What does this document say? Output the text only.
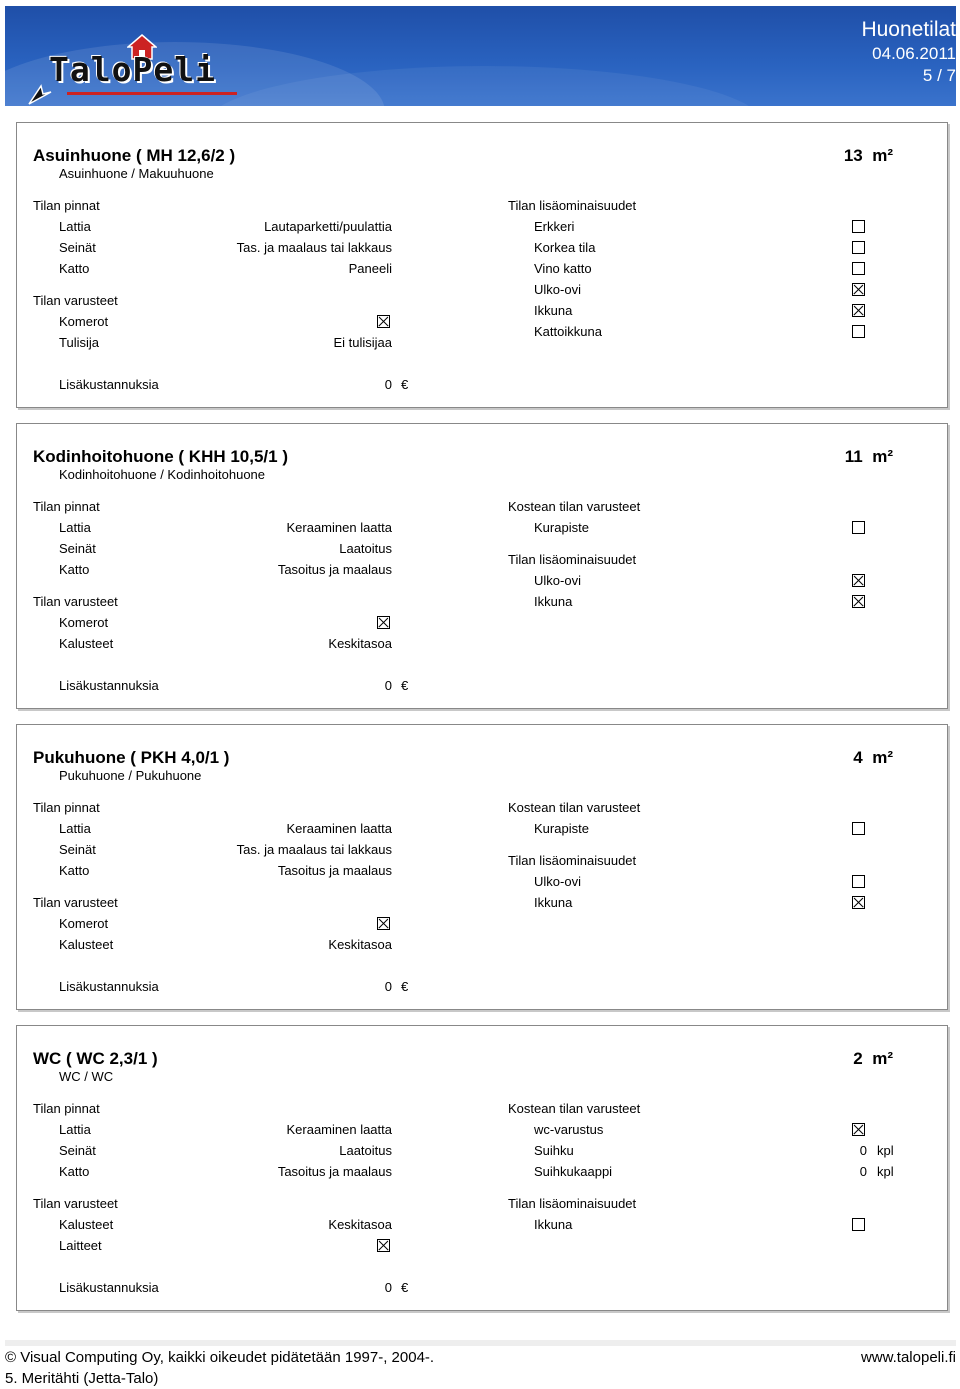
TaloPeli
Huonetilat
04.06.2011
5 / 7
Asuinhuone ( MH 12,6/2 )
Asuinhuone / Makuuhuone
13 m²
Tilan pinnat
Lattia	Lautaparketti/puulattia
Seinät	Tas. ja maalaus tai lakkaus
Katto	Paneeli
Tilan varusteet
Komerot
Tulisija	Ei tulisijaa
Tilan lisäominaisuudet
Erkkeri
Korkea tila
Vino katto
Ulko-ovi
Ikkuna
Kattoikkuna
Lisäkustannuksia	0 €
Kodinhoitohuone ( KHH 10,5/1 )
Kodinhoitohuone / Kodinhoitohuone
11 m²
Tilan pinnat
Lattia	Keraaminen laatta
Seinät	Laatoitus
Katto	Tasoitus ja maalaus
Tilan varusteet
Komerot
Kalusteet	Keskitasoa
Kostean tilan varusteet
Kurapiste
Tilan lisäominaisuudet
Ulko-ovi
Ikkuna
Lisäkustannuksia	0 €
Pukuhuone ( PKH 4,0/1 )
Pukuhuone / Pukuhuone
4 m²
Tilan pinnat
Lattia	Keraaminen laatta
Seinät	Tas. ja maalaus tai lakkaus
Katto	Tasoitus ja maalaus
Tilan varusteet
Komerot
Kalusteet	Keskitasoa
Kostean tilan varusteet
Kurapiste
Tilan lisäominaisuudet
Ulko-ovi
Ikkuna
Lisäkustannuksia	0 €
WC ( WC 2,3/1 )
WC / WC
2 m²
Tilan pinnat
Lattia	Keraaminen laatta
Seinät	Laatoitus
Katto	Tasoitus ja maalaus
Tilan varusteet
Kalusteet	Keskitasoa
Laitteet
Kostean tilan varusteet
wc-varustus
Suihku	0 kpl
Suihkukaappi	0 kpl
Tilan lisäominaisuudet
Ikkuna
Lisäkustannuksia	0 €
© Visual Computing Oy, kaikki oikeudet pidätetään 1997-, 2004-.
5. Meritähti (Jetta-Talo)
www.talopeli.fi
